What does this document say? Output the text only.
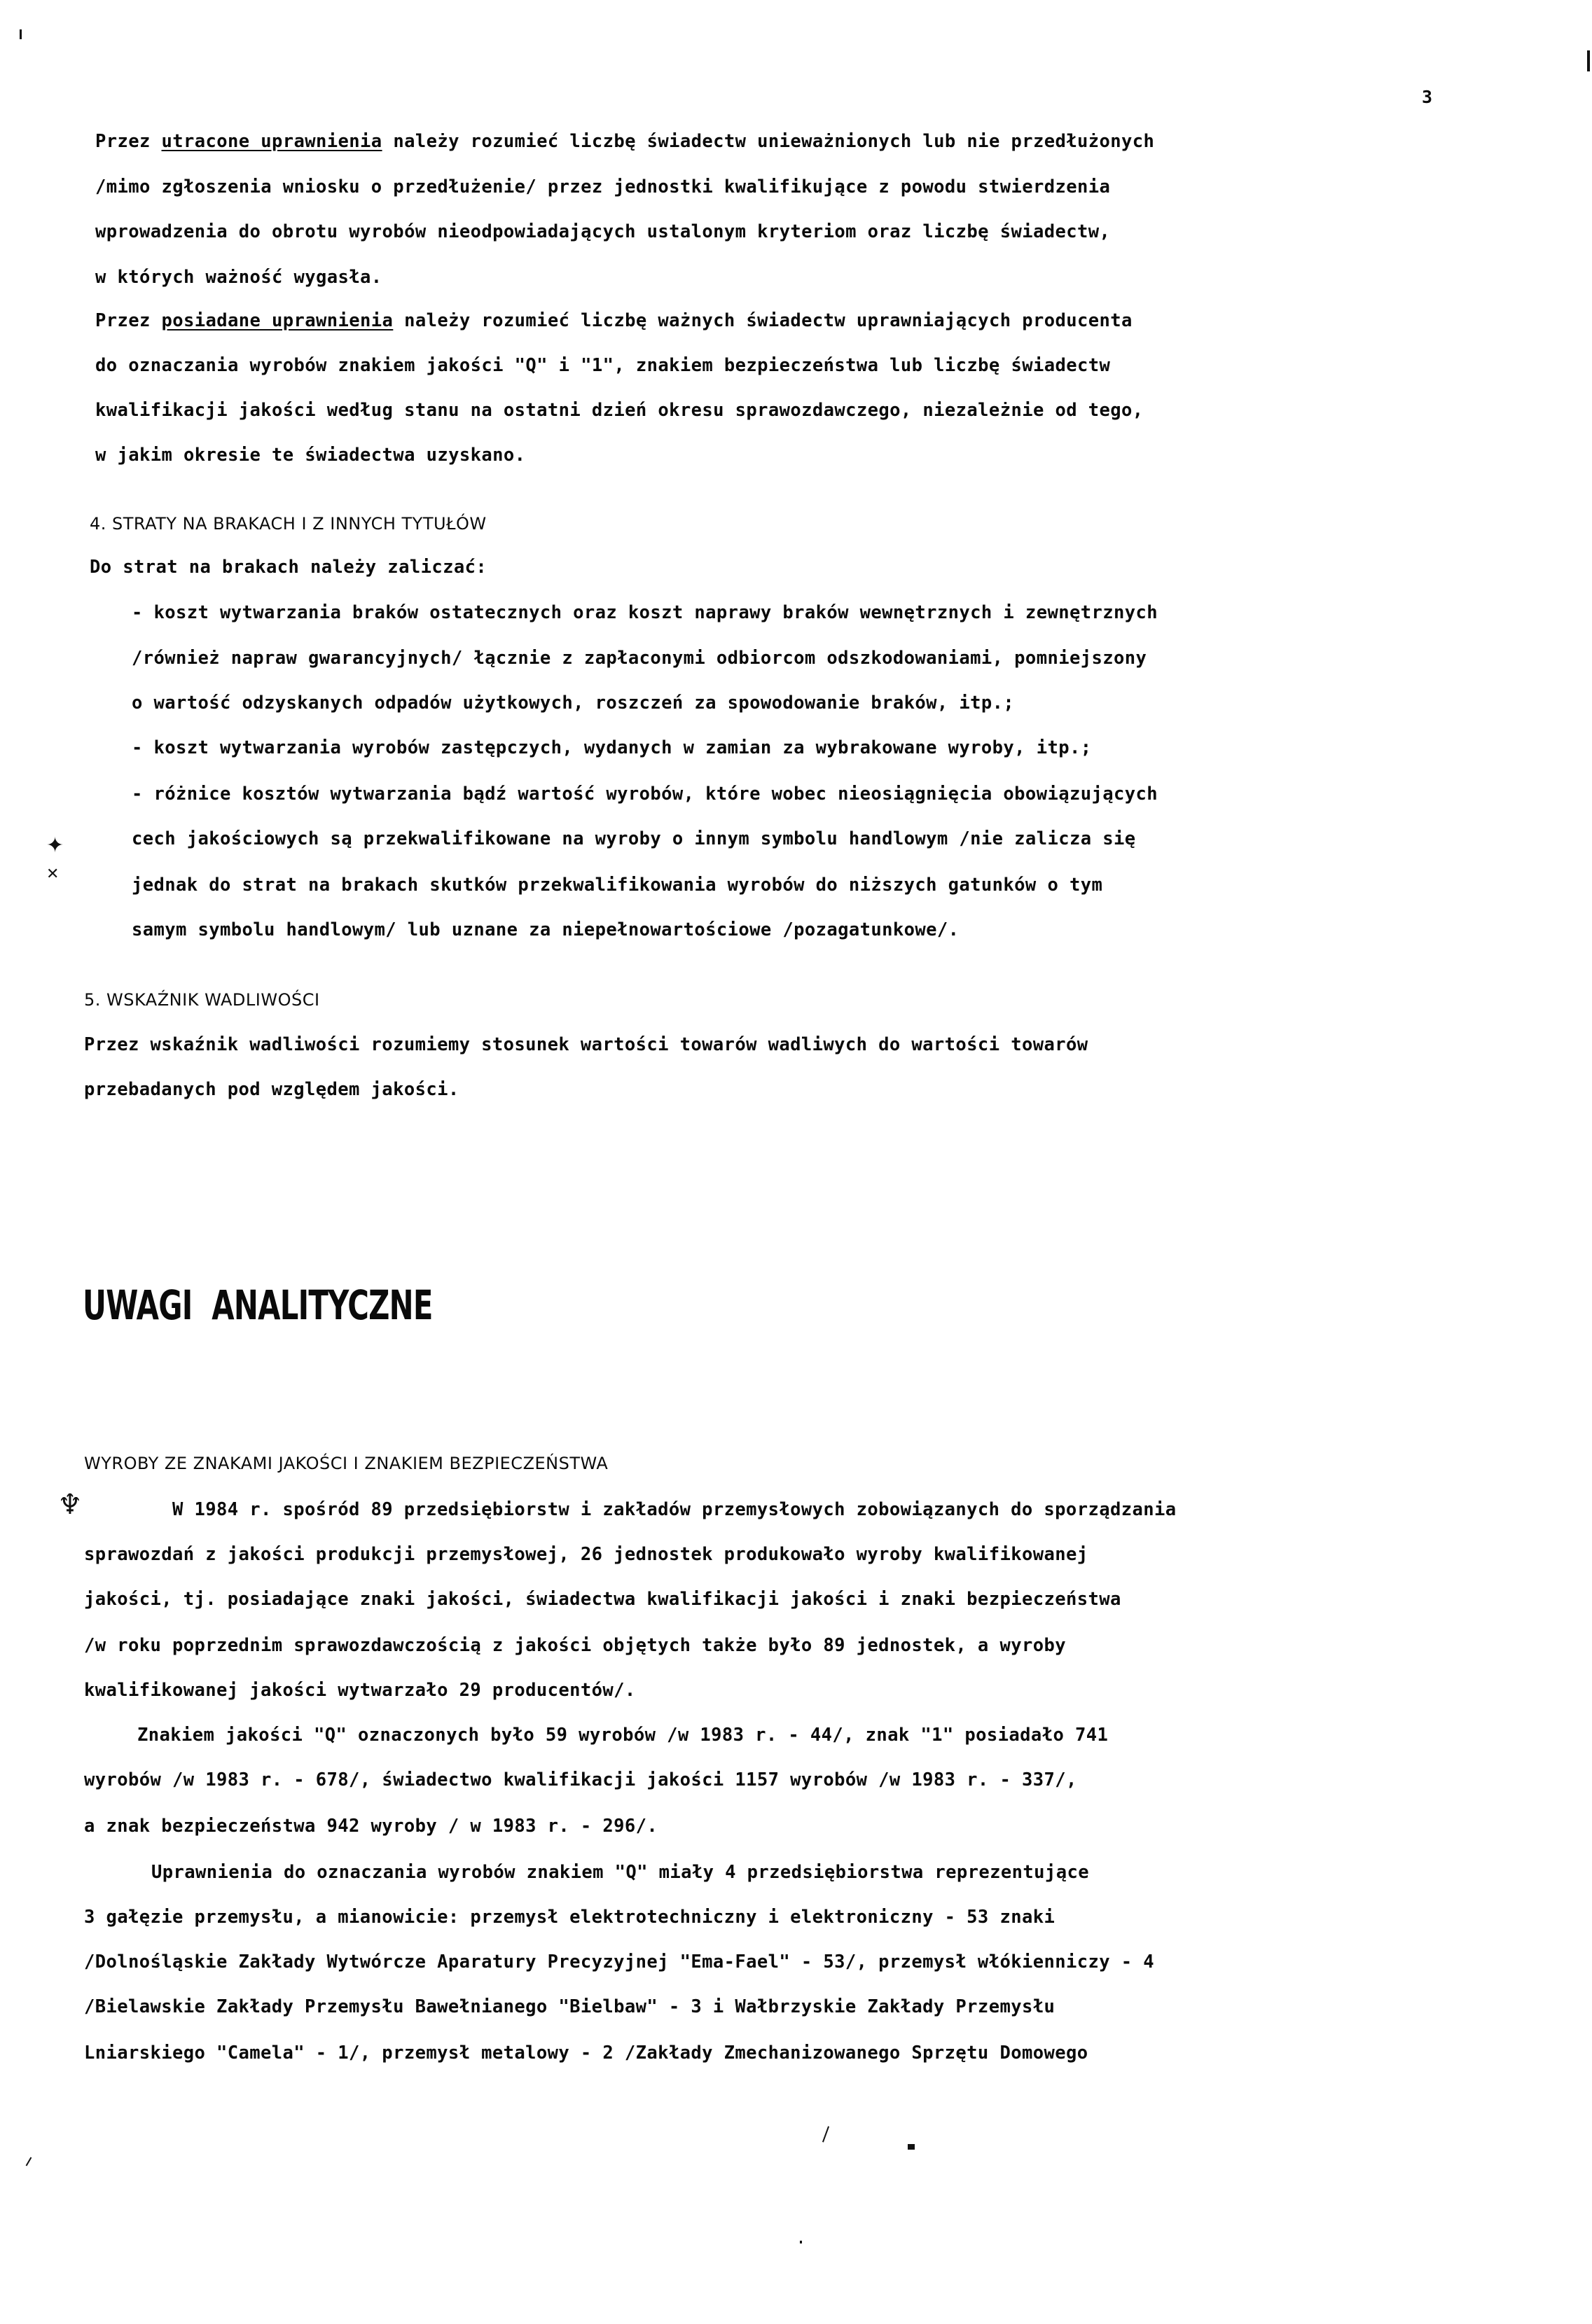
3
Przez utracone uprawnienia należy rozumieć liczbę świadectw unieważnionych lub nie przedłużonych
/mimo zgłoszenia wniosku o przedłużenie/ przez jednostki kwalifikujące z powodu stwierdzenia
wprowadzenia do obrotu wyrobów nieodpowiadających ustalonym kryteriom oraz liczbę świadectw,
w których ważność wygasła.
Przez posiadane uprawnienia należy rozumieć liczbę ważnych świadectw uprawniających producenta
do oznaczania wyrobów znakiem jakości "Q" i "1", znakiem bezpieczeństwa lub liczbę świadectw
kwalifikacji jakości według stanu na ostatni dzień okresu sprawozdawczego, niezależnie od tego,
w jakim okresie te świadectwa uzyskano.
4. STRATY NA BRAKACH I Z INNYCH TYTUŁÓW
Do strat na brakach należy zaliczać:
- koszt wytwarzania braków ostatecznych oraz koszt naprawy braków wewnętrznych i zewnętrznych
/również napraw gwarancyjnych/ łącznie z zapłaconymi odbiorcom odszkodowaniami, pomniejszony
o wartość odzyskanych odpadów użytkowych, roszczeń za spowodowanie braków, itp.;
- koszt wytwarzania wyrobów zastępczych, wydanych w zamian za wybrakowane wyroby, itp.;
- różnice kosztów wytwarzania bądź wartość wyrobów, które wobec nieosiągnięcia obowiązujących
cech jakościowych są przekwalifikowane na wyroby o innym symbolu handlowym /nie zalicza się
jednak do strat na brakach skutków przekwalifikowania wyrobów do niższych gatunków o tym
samym symbolu handlowym/ lub uznane za niepełnowartościowe /pozagatunkowe/.
5. WSKAŹNIK WADLIWOŚCI
Przez wskaźnik wadliwości rozumiemy stosunek wartości towarów wadliwych do wartości towarów
przebadanych pod względem jakości.
UWAGI  ANALITYCZNE
WYROBY ZE ZNAKAMI JAKOŚCI I ZNAKIEM BEZPIECZEŃSTWA
W 1984 r. spośród 89 przedsiębiorstw i zakładów przemysłowych zobowiązanych do sporządzania
sprawozdań z jakości produkcji przemysłowej, 26 jednostek produkowało wyroby kwalifikowanej
jakości, tj. posiadające znaki jakości, świadectwa kwalifikacji jakości i znaki bezpieczeństwa
/w roku poprzednim sprawozdawczością z jakości objętych także było 89 jednostek, a wyroby
kwalifikowanej jakości wytwarzało 29 producentów/.
Znakiem jakości "Q" oznaczonych było 59 wyrobów /w 1983 r. - 44/, znak "1" posiadało 741
wyrobów /w 1983 r. - 678/, świadectwo kwalifikacji jakości 1157 wyrobów /w 1983 r. - 337/,
a znak bezpieczeństwa 942 wyroby / w 1983 r. - 296/.
Uprawnienia do oznaczania wyrobów znakiem "Q" miały 4 przedsiębiorstwa reprezentujące
3 gałęzie przemysłu, a mianowicie: przemysł elektrotechniczny i elektroniczny - 53 znaki
/Dolnośląskie Zakłady Wytwórcze Aparatury Precyzyjnej "Ema-Fael" - 53/, przemysł włókienniczy - 4
/Bielawskie Zakłady Przemysłu Bawełnianego "Bielbaw" - 3 i Wałbrzyskie Zakłady Przemysłu
Lniarskiego "Camela" - 1/, przemysł metalowy - 2 /Zakłady Zmechanizowanego Sprzętu Domowego
✦
✕
♆
